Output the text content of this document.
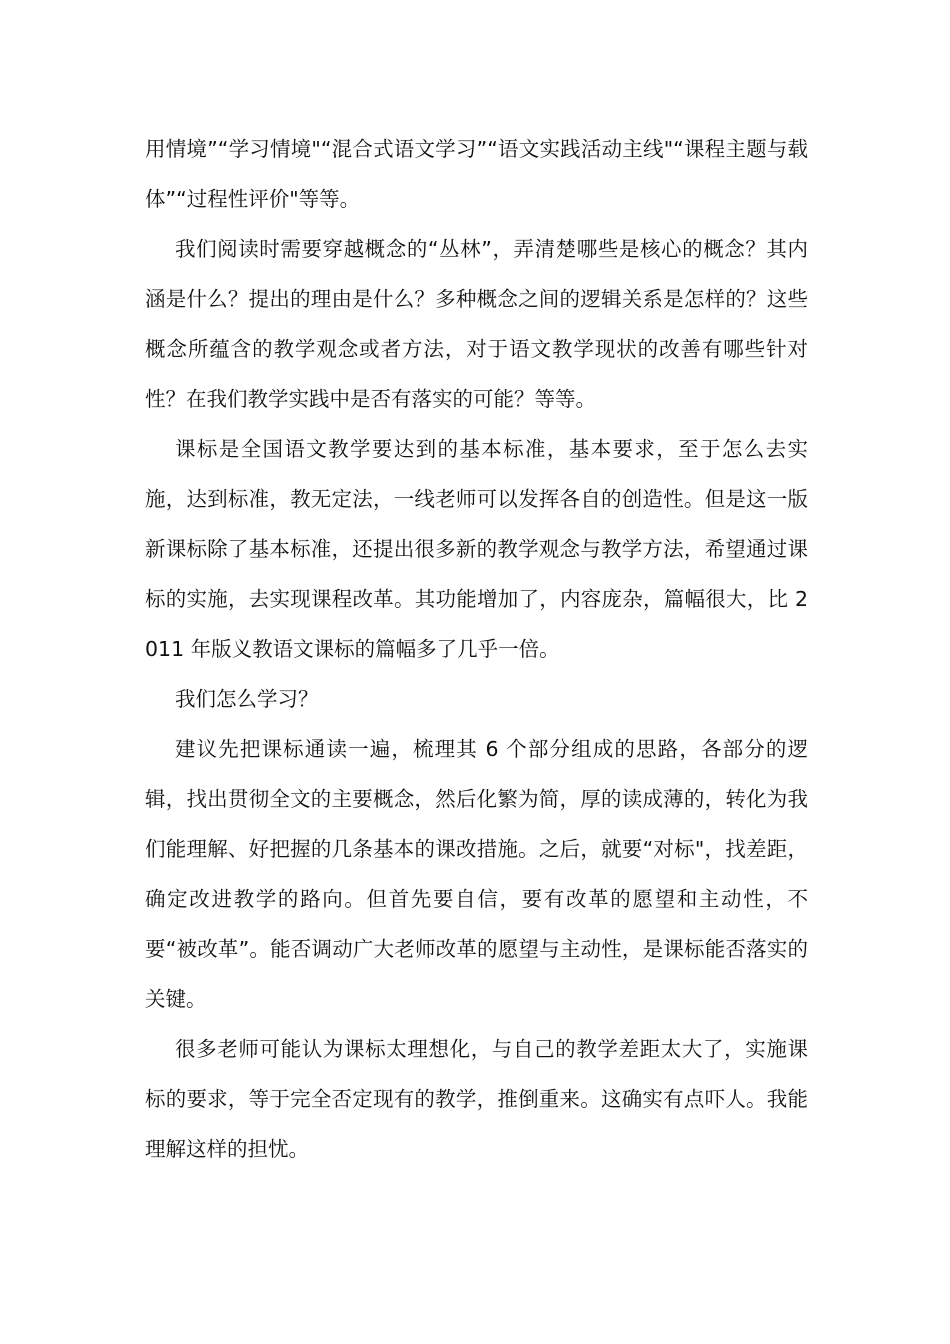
用情境”“学习情境"“混合式语文学习”“语文实践活动主线"“课程主题与载体”“过程性评价"等等。

我们阅读时需要穿越概念的“丛林”，弄清楚哪些是核心的概念？其内涵是什么？提出的理由是什么？多种概念之间的逻辑关系是怎样的？这些概念所蕴含的教学观念或者方法，对于语文教学现状的改善有哪些针对性？在我们教学实践中是否有落实的可能？等等。

课标是全国语文教学要达到的基本标准，基本要求，至于怎么去实施，达到标准，教无定法，一线老师可以发挥各自的创造性。但是这一版新课标除了基本标准，还提出很多新的教学观念与教学方法，希望通过课标的实施，去实现课程改革。其功能增加了，内容庞杂，篇幅很大，比 2011 年版义教语文课标的篇幅多了几乎一倍。

我们怎么学习？

建议先把课标通读一遍，梳理其 6 个部分组成的思路，各部分的逻辑，找出贯彻全文的主要概念，然后化繁为简，厚的读成薄的，转化为我们能理解、好把握的几条基本的课改措施。之后，就要“对标"，找差距，确定改进教学的路向。但首先要自信，要有改革的愿望和主动性，不要“被改革”。能否调动广大老师改革的愿望与主动性，是课标能否落实的关键。

很多老师可能认为课标太理想化，与自己的教学差距太大了，实施课标的要求，等于完全否定现有的教学，推倒重来。这确实有点吓人。我能理解这样的担忧。
